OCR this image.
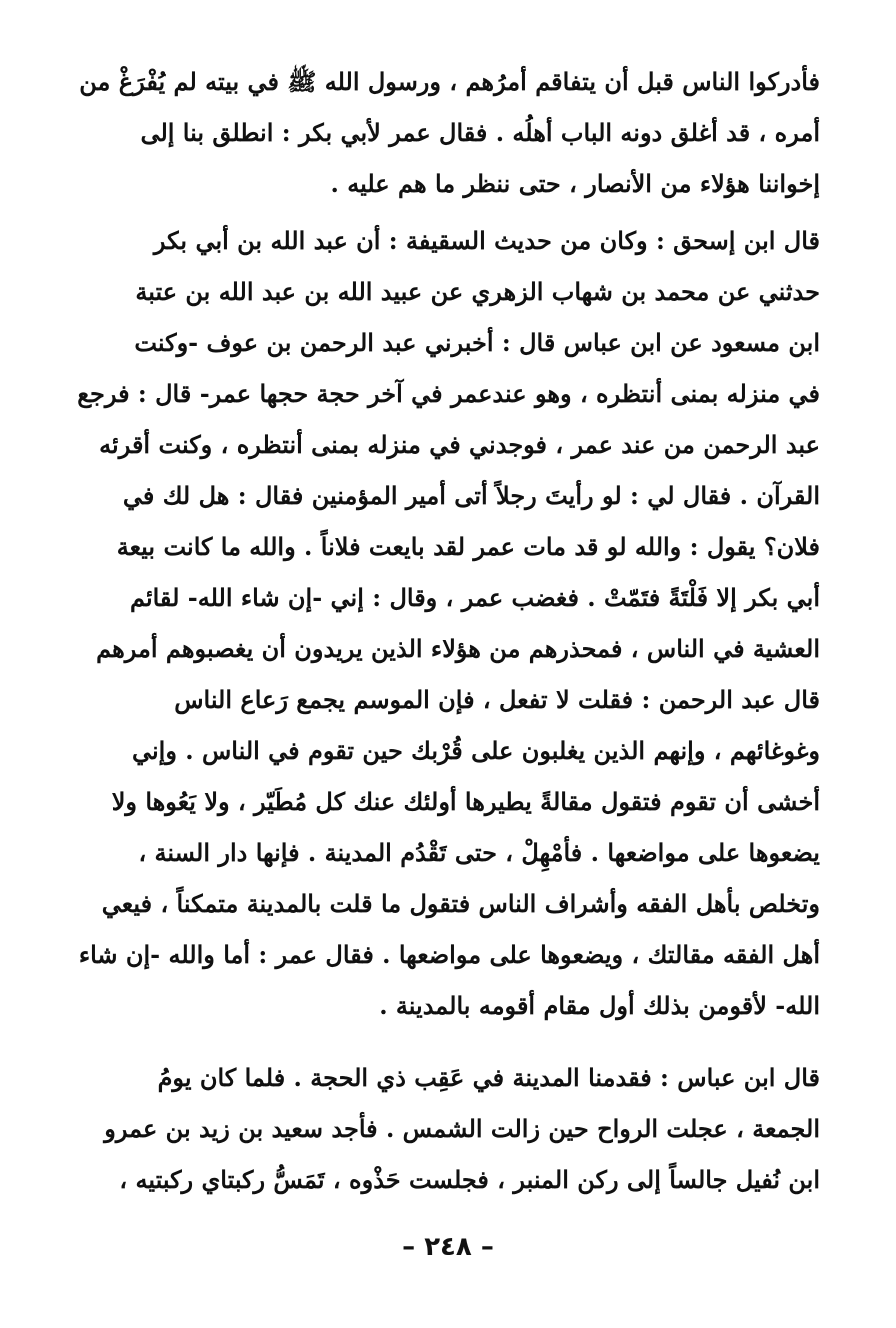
فأدركوا الناس قبل أن يتفاقم أمرُهم ، ورسول الله ﷺ في بيته لم يُفْرَغْ من
أمره ، قد أغلق دونه الباب أهلُه . فقال عمر لأبي بكر : انطلق بنا إلى
إخواننا هؤلاء من الأنصار ، حتى ننظر ما هم عليه .
قال ابن إسحق : وكان من حديث السقيفة : أن عبد الله بن أبي بكر
حدثني عن محمد بن شهاب الزهري عن عبيد الله بن عبد الله بن عتبة
ابن مسعود عن ابن عباس قال : أخبرني عبد الرحمن بن عوف -وكنت
في منزله بمنى أنتظره ، وهو عندعمر في آخر حجة حجها عمر- قال : فرجع
عبد الرحمن من عند عمر ، فوجدني في منزله بمنى أنتظره ، وكنت أقرئه
القرآن . فقال لي : لو رأيتَ رجلاً أتى أمير المؤمنين فقال : هل لك في
فلان؟ يقول : والله لو قد مات عمر لقد بايعت فلاناً . والله ما كانت بيعة
أبي بكر إلا فَلْتَةً فتَمّتْ . فغضب عمر ، وقال : إني -إن شاء الله- لقائم
العشية في الناس ، فمحذرهم من هؤلاء الذين يريدون أن يغصبوهم أمرهم
قال عبد الرحمن : فقلت لا تفعل ، فإن الموسم يجمع رَعاع الناس
وغوغائهم ، وإنهم الذين يغلبون على قُرْبك حين تقوم في الناس . وإني
أخشى أن تقوم فتقول مقالةً يطيرها أولئك عنك كل مُطَيّر ، ولا يَعُوها ولا
يضعوها على مواضعها . فأمْهِلْ ، حتى تَقْدُم المدينة . فإنها دار السنة ،
وتخلص بأهل الفقه وأشراف الناس فتقول ما قلت بالمدينة متمكناً ، فيعي
أهل الفقه مقالتك ، ويضعوها على مواضعها . فقال عمر : أما والله -إن شاء
الله- لأقومن بذلك أول مقام أقومه بالمدينة .
قال ابن عباس : فقدمنا المدينة في عَقِب ذي الحجة . فلما كان يومُ
الجمعة ، عجلت الرواح حين زالت الشمس . فأجد سعيد بن زيد بن عمرو
ابن نُفيل جالساً إلى ركن المنبر ، فجلست حَذْوه ، تَمَسُّ ركبتاي ركبتيه ،
– ٢٤٨ –
